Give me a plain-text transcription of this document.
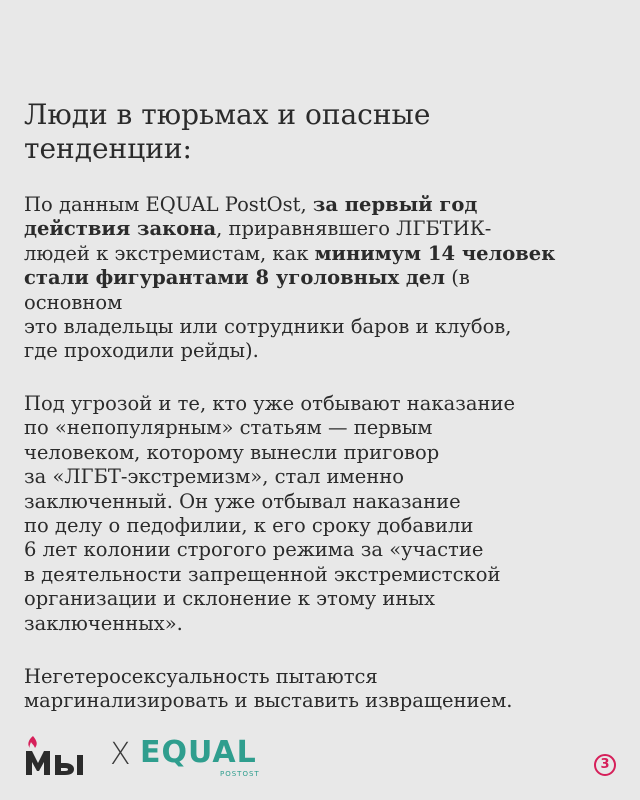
Люди в тюрьмах и опасные
тенденции:
По данным EQUAL PostOst, за первый год
действия закона, приравнявшего ЛГБТИК-
людей к экстремистам, как минимум 14 человек
стали фигурантами 8 уголовных дел (в
основном
это владельцы или сотрудники баров и клубов,
где проходили рейды).
Под угрозой и те, кто уже отбывают наказание
по «непопулярным» статьям — первым
человеком, которому вынесли приговор
за «ЛГБТ-экстремизм», стал именно
заключенный. Он уже отбывал наказание
по делу о педофилии, к его сроку добавили
6 лет колонии строгого режима за «участие
в деятельности запрещенной экстремистской
организации и склонение к этому иных
заключенных».
Негетеросексуальность пытаются
маргинализировать и выставить извращением.
X EQUAL
POSTOST
3
